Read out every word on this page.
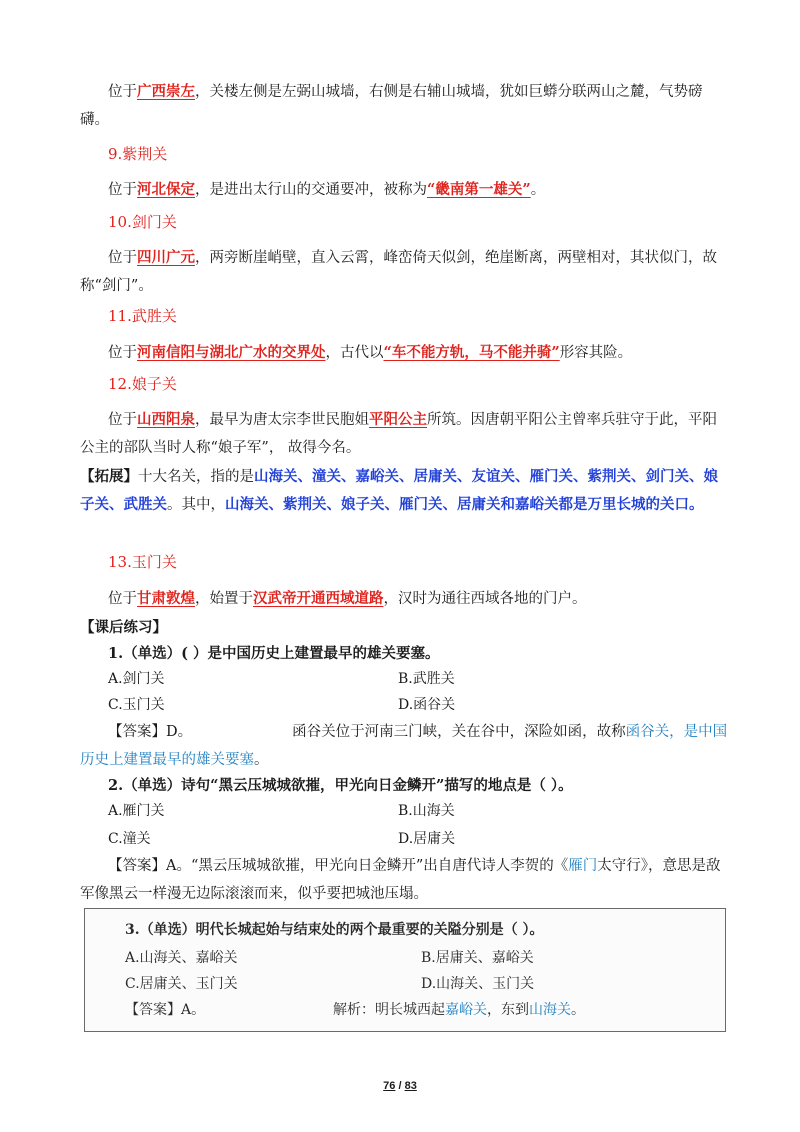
位于广西崇左，关楼左侧是左弼山城墙，右侧是右辅山城墙，犹如巨蟒分联两山之麓，气势磅礴。

9.紫荆关

位于河北保定，是进出太行山的交通要冲，被称为“畿南第一雄关”。

10.剑门关

位于四川广元，两旁断崖峭壁，直入云霄，峰峦倚天似剑，绝崖断离，两壁相对，其状似门，故称“剑门”。

11.武胜关

位于河南信阳与湖北广水的交界处，古代以“车不能方轨，马不能并骑”形容其险。

12.娘子关

位于山西阳泉，最早为唐太宗李世民胞姐平阳公主所筑。因唐朝平阳公主曾率兵驻守于此，平阳公主的部队当时人称“娘子军”， 故得今名。

【拓展】十大名关，指的是山海关、潼关、嘉峪关、居庸关、友谊关、雁门关、紫荆关、剑门关、娘子关、武胜关。其中，山海关、紫荆关、娘子关、雁门关、居庸关和嘉峪关都是万里长城的关口。

13.玉门关

位于甘肃敦煌，始置于汉武帝开通西域道路，汉时为通往西域各地的门户。

【课后练习】

1.（单选）( ）是中国历史上建置最早的雄关要塞。

A.剑门关	B.武胜关

C.玉门关	D.函谷关

【答案】D。	函谷关位于河南三门峡，关在谷中，深险如函，故称函谷关，是中国历史上建置最早的雄关要塞。

2.（单选）诗句“黑云压城城欲摧，甲光向日金鳞开”描写的地点是（ ）。

A.雁门关	B.山海关

C.潼关	D.居庸关

【答案】A。“黑云压城城欲摧，甲光向日金鳞开”出自唐代诗人李贺的《雁门太守行》，意思是敌军像黑云一样漫无边际滚滚而来，似乎要把城池压塌。

3.（单选）明代长城起始与结束处的两个最重要的关隘分别是（ ）。

A.山海关、嘉峪关	B.居庸关、嘉峪关

C.居庸关、玉门关	D.山海关、玉门关

【答案】A。	解析：明长城西起嘉峪关，东到山海关。

76 / 83
